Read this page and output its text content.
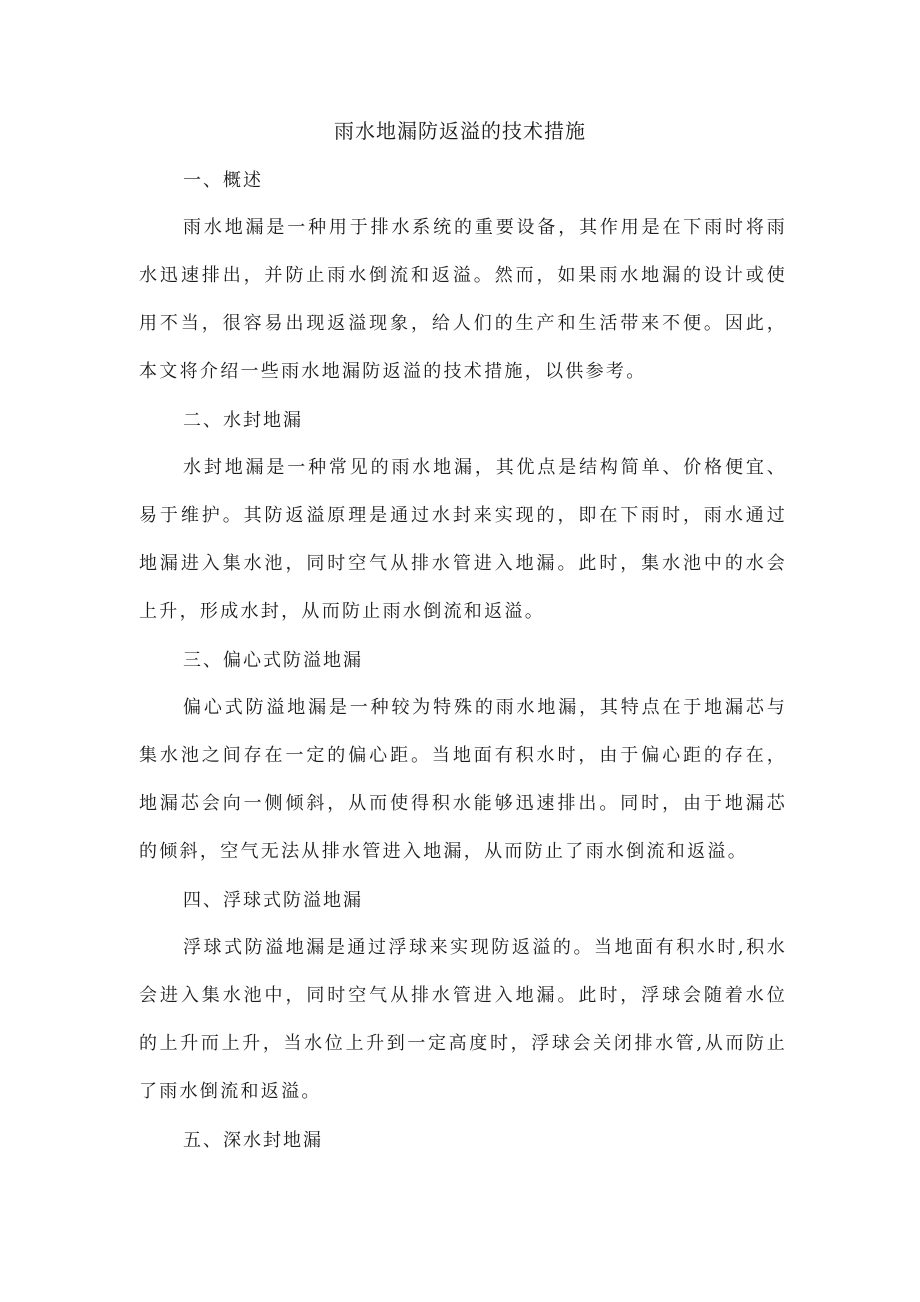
雨水地漏防返溢的技术措施
一、概述

雨水地漏是一种用于排水系统的重要设备，其作用是在下雨时将雨水迅速排出，并防止雨水倒流和返溢。然而，如果雨水地漏的设计或使用不当，很容易出现返溢现象，给人们的生产和生活带来不便。因此，本文将介绍一些雨水地漏防返溢的技术措施，以供参考。

二、水封地漏

水封地漏是一种常见的雨水地漏，其优点是结构简单、价格便宜、易于维护。其防返溢原理是通过水封来实现的，即在下雨时，雨水通过地漏进入集水池，同时空气从排水管进入地漏。此时，集水池中的水会上升，形成水封，从而防止雨水倒流和返溢。

三、偏心式防溢地漏

偏心式防溢地漏是一种较为特殊的雨水地漏，其特点在于地漏芯与集水池之间存在一定的偏心距。当地面有积水时，由于偏心距的存在，地漏芯会向一侧倾斜，从而使得积水能够迅速排出。同时，由于地漏芯的倾斜，空气无法从排水管进入地漏，从而防止了雨水倒流和返溢。

四、浮球式防溢地漏

浮球式防溢地漏是通过浮球来实现防返溢的。当地面有积水时,积水会进入集水池中，同时空气从排水管进入地漏。此时，浮球会随着水位的上升而上升，当水位上升到一定高度时，浮球会关闭排水管,从而防止了雨水倒流和返溢。

五、深水封地漏
